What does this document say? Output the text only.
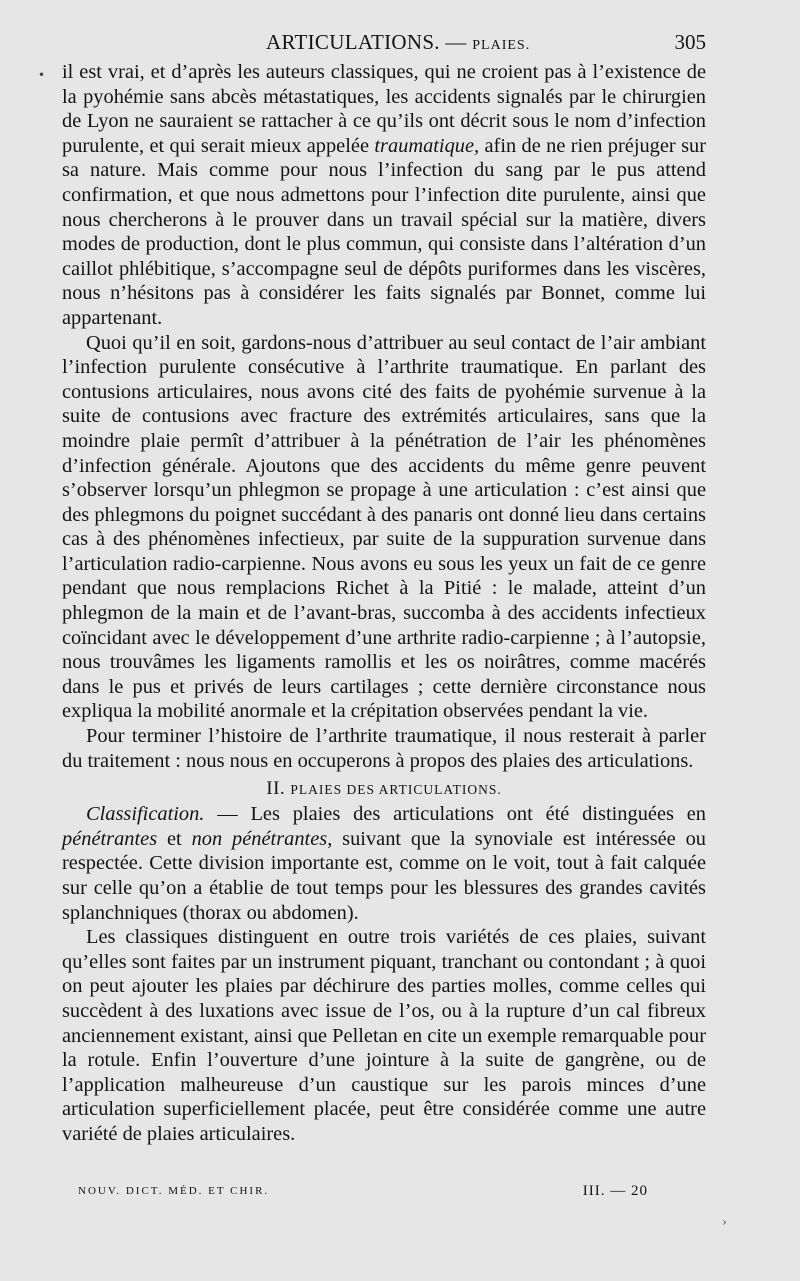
ARTICULATIONS. — PLAIES.	305

il est vrai, et d’après les auteurs classiques, qui ne croient pas à l’existence de la pyohémie sans abcès métastatiques, les accidents signalés par le chirurgien de Lyon ne sauraient se rattacher à ce qu’ils ont décrit sous le nom d’infection purulente, et qui serait mieux appelée traumatique, afin de ne rien préjuger sur sa nature. Mais comme pour nous l’infection du sang par le pus attend confirmation, et que nous admettons pour l’infection dite purulente, ainsi que nous chercherons à le prouver dans un travail spécial sur la matière, divers modes de production, dont le plus commun, qui consiste dans l’altération d’un caillot phlébitique, s’accompagne seul de dépôts puriformes dans les viscères, nous n’hésitons pas à considérer les faits signalés par Bonnet, comme lui appartenant.

Quoi qu’il en soit, gardons-nous d’attribuer au seul contact de l’air ambiant l’infection purulente consécutive à l’arthrite traumatique. En parlant des contusions articulaires, nous avons cité des faits de pyohémie survenue à la suite de contusions avec fracture des extrémités articulaires, sans que la moindre plaie permît d’attribuer à la pénétration de l’air les phénomènes d’infection générale. Ajoutons que des accidents du même genre peuvent s’observer lorsqu’un phlegmon se propage à une articulation : c’est ainsi que des phlegmons du poignet succédant à des panaris ont donné lieu dans certains cas à des phénomènes infectieux, par suite de la suppuration survenue dans l’articulation radio-carpienne. Nous avons eu sous les yeux un fait de ce genre pendant que nous remplacions Richet à la Pitié : le malade, atteint d’un phlegmon de la main et de l’avant-bras, succomba à des accidents infectieux coïncidant avec le développement d’une arthrite radio-carpienne ; à l’autopsie, nous trouvâmes les ligaments ramollis et les os noirâtres, comme macérés dans le pus et privés de leurs cartilages ; cette dernière circonstance nous expliqua la mobilité anormale et la crépitation observées pendant la vie.

Pour terminer l’histoire de l’arthrite traumatique, il nous resterait à parler du traitement : nous nous en occuperons à propos des plaies des articulations.

II. PLAIES DES ARTICULATIONS.

Classification. — Les plaies des articulations ont été distinguées en pénétrantes et non pénétrantes, suivant que la synoviale est intéressée ou respectée. Cette division importante est, comme on le voit, tout à fait calquée sur celle qu’on a établie de tout temps pour les blessures des grandes cavités splanchniques (thorax ou abdomen).

Les classiques distinguent en outre trois variétés de ces plaies, suivant qu’elles sont faites par un instrument piquant, tranchant ou contondant ; à quoi on peut ajouter les plaies par déchirure des parties molles, comme celles qui succèdent à des luxations avec issue de l’os, ou à la rupture d’un cal fibreux anciennement existant, ainsi que Pelletan en cite un exemple remarquable pour la rotule. Enfin l’ouverture d’une jointure à la suite de gangrène, ou de l’application malheureuse d’un caustique sur les parois minces d’une articulation superficiellement placée, peut être considérée comme une autre variété de plaies articulaires.

NOUV. DICT. MÉD. ET CHIR.	III. — 20
•
›
